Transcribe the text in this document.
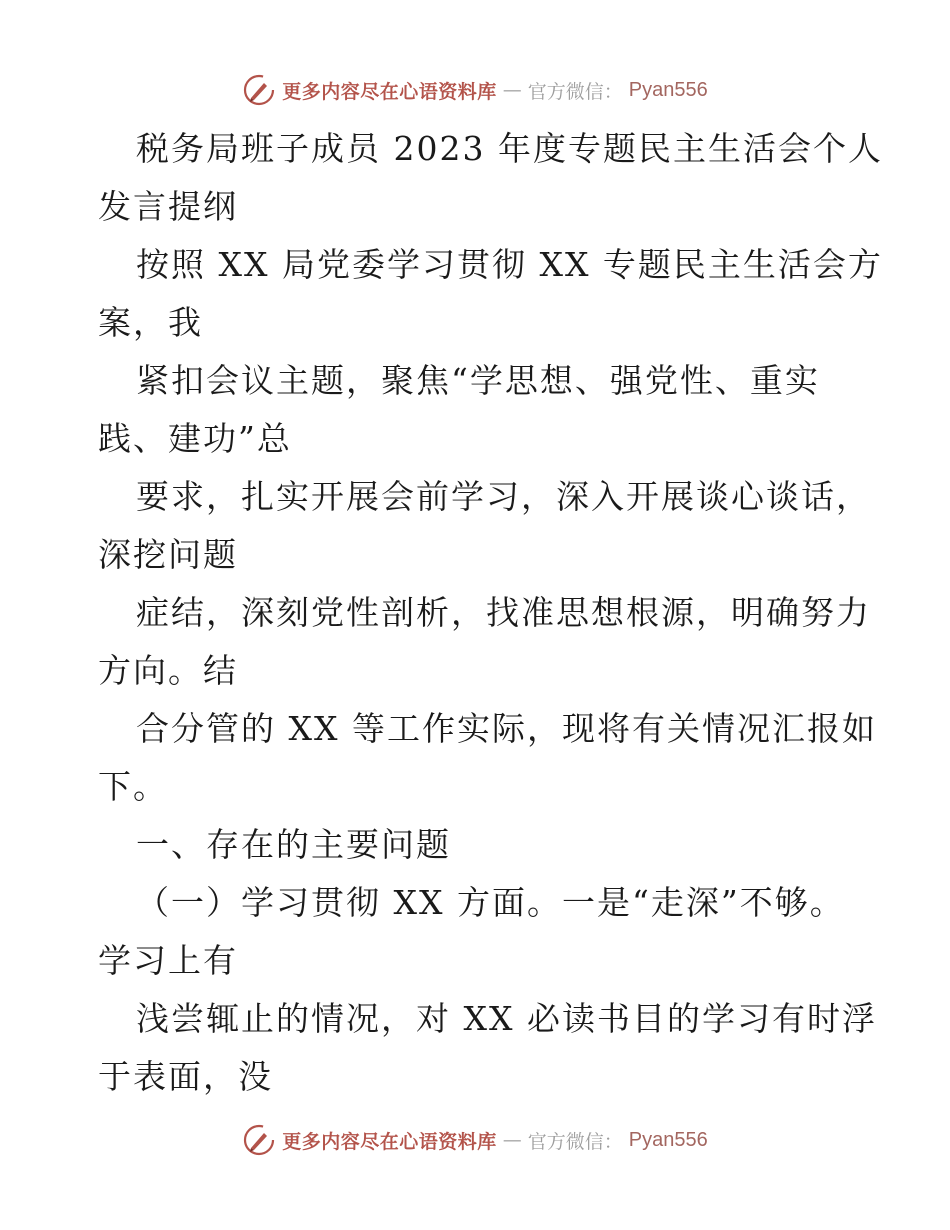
更多内容尽在心语资料库 — 官方微信： Pyan556
税务局班子成员 2023 年度专题民主生活会个人
发言提纲
按照 XX 局党委学习贯彻 XX 专题民主生活会方
案，我
紧扣会议主题，聚焦“学思想、强党性、重实
践、建功”总
要求，扎实开展会前学习，深入开展谈心谈话，
深挖问题
症结，深刻党性剖析，找准思想根源，明确努力
方向。结
合分管的 XX 等工作实际，现将有关情况汇报如
下。
一、存在的主要问题
（一）学习贯彻 XX 方面。一是“走深”不够。
学习上有
浅尝辄止的情况，对 XX 必读书目的学习有时浮
于表面，没
更多内容尽在心语资料库 — 官方微信： Pyan556
